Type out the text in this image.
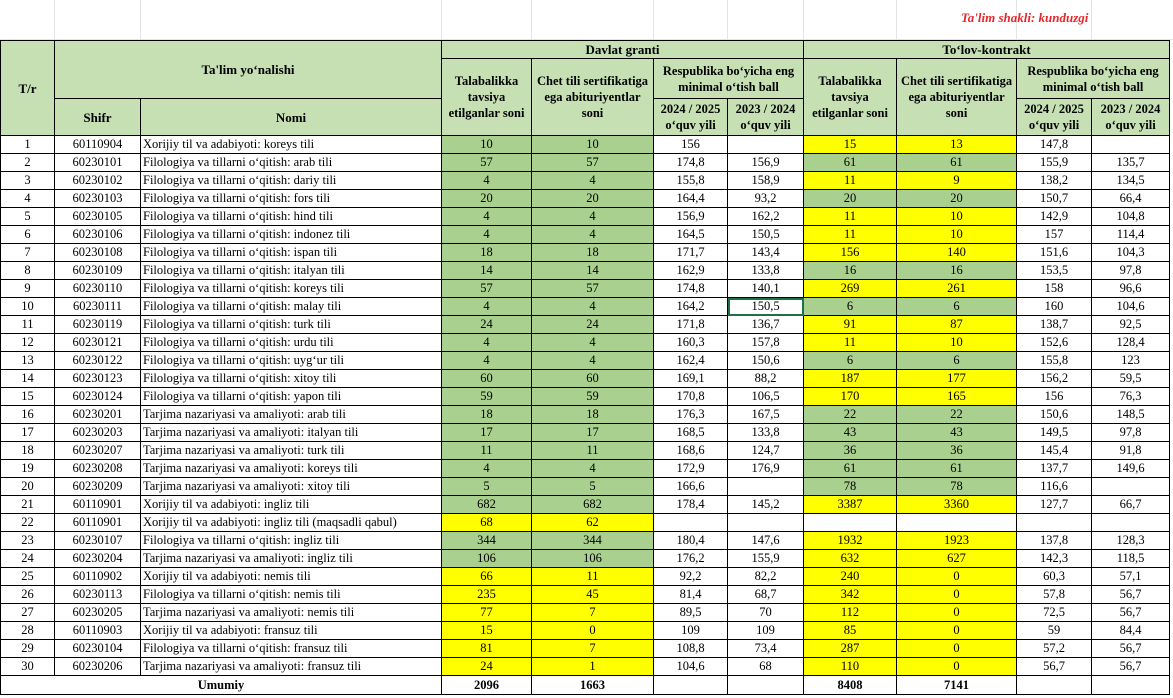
Ta'lim shakli: kunduzgi
T/r	Ta'lim yo‘nalishi		Davlat granti				To‘lov-kontrakt			
			Talabalikka tavsiya etilganlar soni	Chet tili sertifikatiga ega abituriyentlar soni	Respublika bo‘yicha eng minimal o‘tish ball		Talabalikka tavsiya etilganlar soni	Chet tili sertifikatiga ega abituriyentlar soni	Respublika bo‘yicha eng minimal o‘tish ball	
	Shifr	Nomi			2024 / 2025 o‘quv yili	2023 / 2024 o‘quv yili			2024 / 2025 o‘quv yili	2023 / 2024 o‘quv yili
1	60110904	Xorijiy til va adabiyoti: koreys tili	10	10	156		15	13	147,8	
2	60230101	Filologiya va tillarni o‘qitish: arab tili	57	57	174,8	156,9	61	61	155,9	135,7
3	60230102	Filologiya va tillarni o‘qitish: dariy tili	4	4	155,8	158,9	11	9	138,2	134,5
4	60230103	Filologiya va tillarni o‘qitish: fors tili	20	20	164,4	93,2	20	20	150,7	66,4
5	60230105	Filologiya va tillarni o‘qitish: hind tili	4	4	156,9	162,2	11	10	142,9	104,8
6	60230106	Filologiya va tillarni o‘qitish: indonez tili	4	4	164,5	150,5	11	10	157	114,4
7	60230108	Filologiya va tillarni o‘qitish: ispan tili	18	18	171,7	143,4	156	140	151,6	104,3
8	60230109	Filologiya va tillarni o‘qitish: italyan tili	14	14	162,9	133,8	16	16	153,5	97,8
9	60230110	Filologiya va tillarni o‘qitish: koreys tili	57	57	174,8	140,1	269	261	158	96,6
10	60230111	Filologiya va tillarni o‘qitish: malay tili	4	4	164,2	150,5	6	6	160	104,6
11	60230119	Filologiya va tillarni o‘qitish: turk tili	24	24	171,8	136,7	91	87	138,7	92,5
12	60230121	Filologiya va tillarni o‘qitish: urdu tili	4	4	160,3	157,8	11	10	152,6	128,4
13	60230122	Filologiya va tillarni o‘qitish: uyg‘ur tili	4	4	162,4	150,6	6	6	155,8	123
14	60230123	Filologiya va tillarni o‘qitish: xitoy tili	60	60	169,1	88,2	187	177	156,2	59,5
15	60230124	Filologiya va tillarni o‘qitish: yapon tili	59	59	170,8	106,5	170	165	156	76,3
16	60230201	Tarjima nazariyasi va amaliyoti: arab tili	18	18	176,3	167,5	22	22	150,6	148,5
17	60230203	Tarjima nazariyasi va amaliyoti: italyan tili	17	17	168,5	133,8	43	43	149,5	97,8
18	60230207	Tarjima nazariyasi va amaliyoti: turk tili	11	11	168,6	124,7	36	36	145,4	91,8
19	60230208	Tarjima nazariyasi va amaliyoti: koreys tili	4	4	172,9	176,9	61	61	137,7	149,6
20	60230209	Tarjima nazariyasi va amaliyoti: xitoy tili	5	5	166,6		78	78	116,6	
21	60110901	Xorijiy til va adabiyoti: ingliz tili	682	682	178,4	145,2	3387	3360	127,7	66,7
22	60110901	Xorijiy til va adabiyoti: ingliz tili (maqsadli qabul)	68	62						
23	60230107	Filologiya va tillarni o‘qitish: ingliz tili	344	344	180,4	147,6	1932	1923	137,8	128,3
24	60230204	Tarjima nazariyasi va amaliyoti: ingliz tili	106	106	176,2	155,9	632	627	142,3	118,5
25	60110902	Xorijiy til va adabiyoti: nemis tili	66	11	92,2	82,2	240	0	60,3	57,1
26	60230113	Filologiya va tillarni o‘qitish: nemis tili	235	45	81,4	68,7	342	0	57,8	56,7
27	60230205	Tarjima nazariyasi va amaliyoti: nemis tili	77	7	89,5	70	112	0	72,5	56,7
28	60110903	Xorijiy til va adabiyoti: fransuz tili	15	0	109	109	85	0	59	84,4
29	60230104	Filologiya va tillarni o‘qitish: fransuz tili	81	7	108,8	73,4	287	0	57,2	56,7
30	60230206	Tarjima nazariyasi va amaliyoti: fransuz tili	24	1	104,6	68	110	0	56,7	56,7
Umumiy			2096	1663			8408	7141		
